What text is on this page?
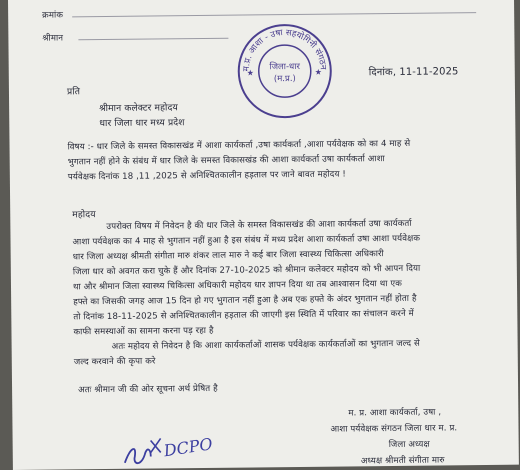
क्रमांक
श्रीमान
म.प्र. आशा - उषा सहयोगिनी संगठन
जिला-धार
(म.प्र.)
★	★	दिनांक, 11-11-2025
प्रति
श्रीमान कलेक्टर महोदय
धार जिला धार मध्य प्रदेश
विषय :- धार जिले के समस्त विकासखंड में आशा कार्यकर्ता ,उषा कार्यकर्ता ,आशा पर्यवेक्षक को का 4 माह से
भुगतान नहीं होने के संबंध में धार जिले के समस्त विकासखंड की आशा कार्यकर्ता उषा कार्यकर्ता आशा
पर्यवेक्षक दिनांक 18 ,11 ,2025 से अनिश्चितकालीन हड़ताल पर जाने बावत महोदय !
महोदय
उपरोक्त विषय में निवेदन है की धार जिले के समस्त विकासखंड की आशा कार्यकर्ता उषा कार्यकर्ता
आशा पर्यवेक्षक का 4 माह से भुगतान नहीं हुआ है इस संबंध में मध्य प्रदेश आशा कार्यकर्ता उषा आशा पर्यवेक्षक
धार जिला अध्यक्ष श्रीमती संगीता मारु शंकर लाल मारु ने कई बार जिला स्वास्थ्य चिकित्सा अधिकारी
जिला धार को अवगत करा चुके हैं और दिनांक 27-10-2025 को श्रीमान कलेक्टर महोदय को भी आपन दिया
था और श्रीमान जिला स्वास्थ्य चिकित्सा अधिकारी महोदय धार ज्ञापन दिया था तब आश्वासन दिया था एक
हफ्ते का जिसकी जगह आज 15 दिन हो गए भुगतान नहीं हुआ है अब एक हफ्ते के अंदर भुगतान नहीं होता है
तो दिनांक 18-11-2025 से अनिश्चितकालीन हड़ताल की जाएगी इस स्थिति में परिवार का संचालन करने में
काफी समस्याओं का सामना करना पड़ रहा है
अतः महोदय से निवेदन है कि आशा कार्यकर्ताओं शासक पर्यवेक्षक कार्यकर्ताओं का भुगतान जल्द से
जल्द करवाने की कृपा करे
अतः श्रीमान जी की ओर सूचना अर्थ प्रेषित है
म. प्र. आशा कार्यकर्ता, उषा ,
आशा पर्यवेक्षक संगठन जिला धार म. प्र.
जिला अध्यक्ष
अध्यक्ष श्रीमती संगीता मारु
DCPO
